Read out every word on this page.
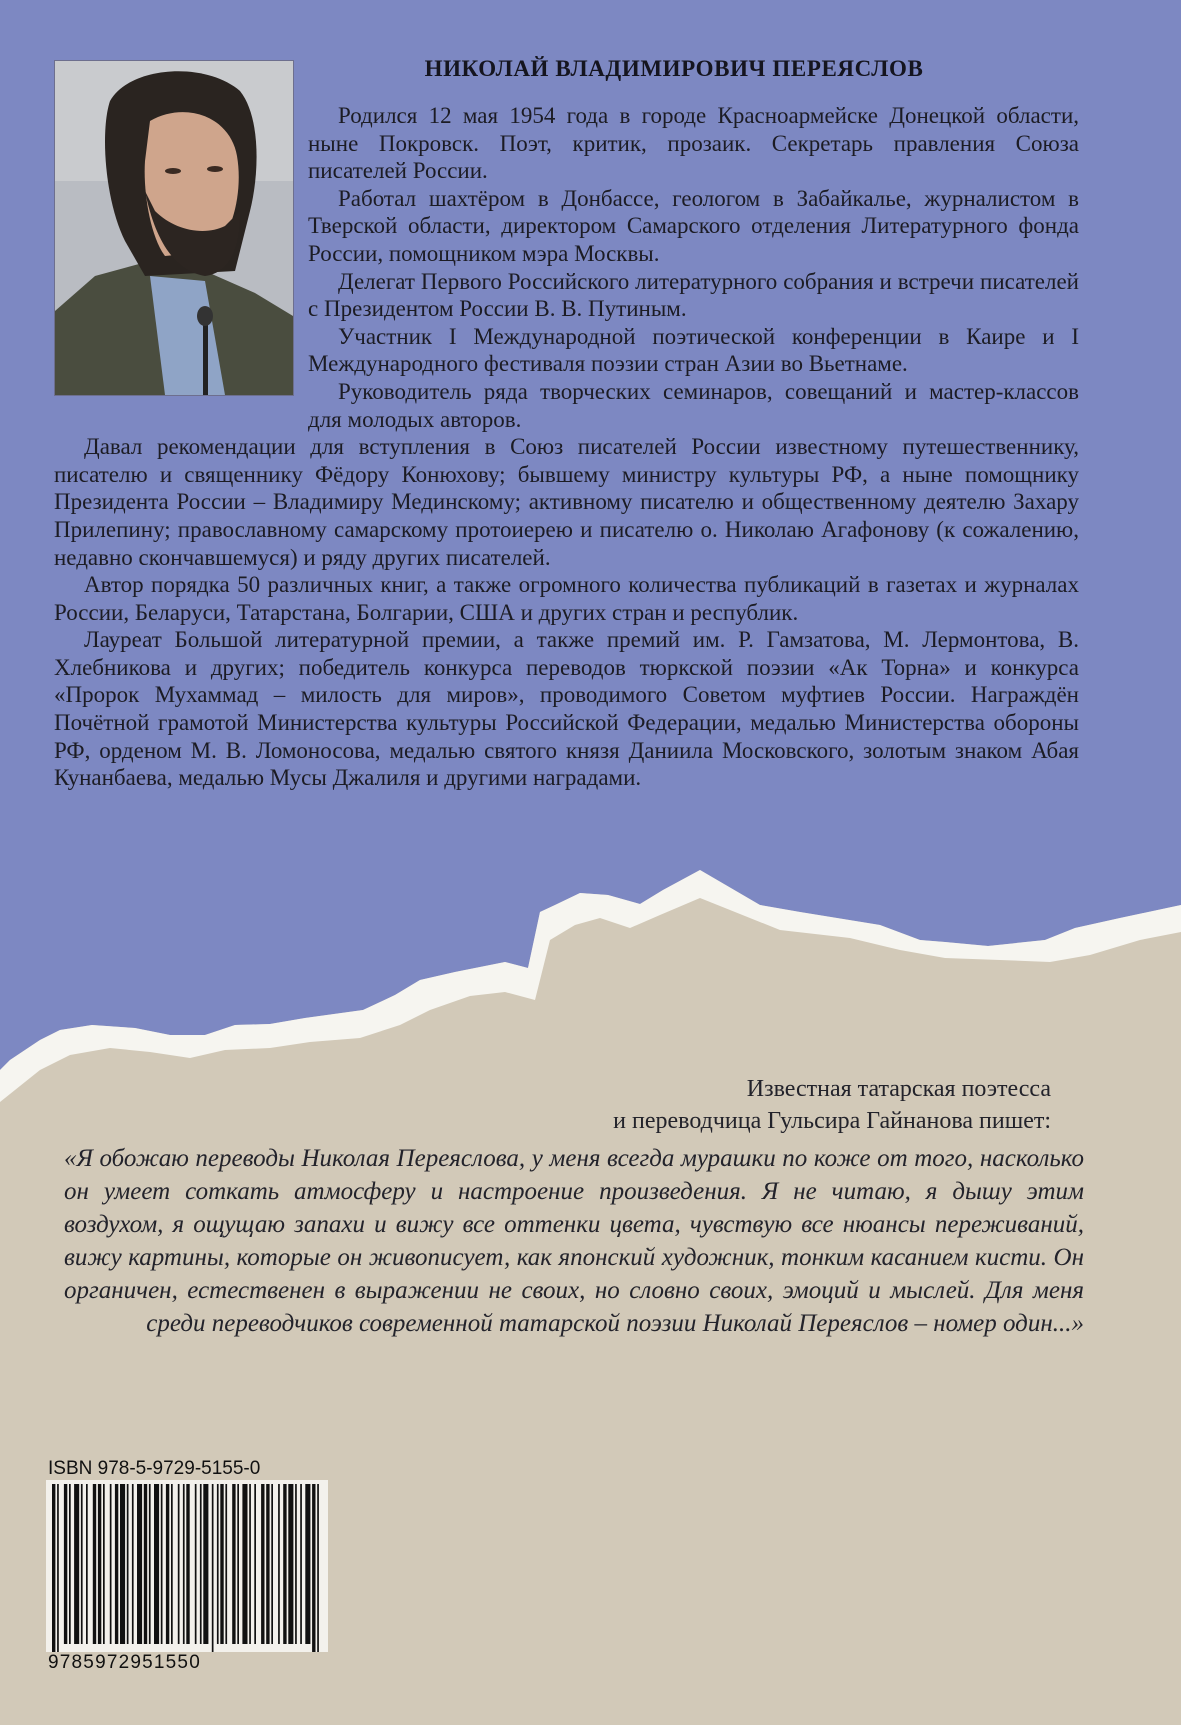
НИКОЛАЙ ВЛАДИМИРОВИЧ ПЕРЕЯСЛОВ

Родился 12 мая 1954 года в городе Красноармейске Донецкой области, ныне Покровск. Поэт, критик, прозаик. Секретарь правления Союза писателей России.

Работал шахтёром в Донбассе, геологом в Забайкалье, журналистом в Тверской области, директором Самарского отделения Литературного фонда России, помощником мэра Москвы.

Делегат Первого Российского литературного собрания и встречи писателей с Президентом России В. В. Путиным.

Участник I Международной поэтической конференции в Каире и I Международного фестиваля поэзии стран Азии во Вьетнаме.

Руководитель ряда творческих семинаров, совещаний и мастер-классов для молодых авторов.

Давал рекомендации для вступления в Союз писателей России известному путешественнику, писателю и священнику Фёдору Конюхову; бывшему министру культуры РФ, а ныне помощнику Президента России – Владимиру Мединскому; активному писателю и общественному деятелю Захару Прилепину; православному самарскому протоиерею и писателю о. Николаю Агафонову (к сожалению, недавно скончавшемуся) и ряду других писателей.

Автор порядка 50 различных книг, а также огромного количества публикаций в газетах и журналах России, Беларуси, Татарстана, Болгарии, США и других стран и республик.

Лауреат Большой литературной премии, а также премий им. Р. Гамзатова, М. Лермонтова, В. Хлебникова и других; победитель конкурса переводов тюркской поэзии «Ак Торна» и конкурса «Пророк Мухаммад – милость для миров», проводимого Советом муфтиев России. Награждён Почётной грамотой Министерства культуры Российской Федерации, медалью Министерства обороны РФ, орденом М. В. Ломоносова, медалью святого князя Даниила Московского, золотым знаком Абая Кунанбаева, медалью Мусы Джалиля и другими наградами.

Известная татарская поэтесса
и переводчица Гульсира Гайнанова пишет:
«Я обожаю переводы Николая Переяслова, у меня всегда мурашки по коже от того, насколько он умеет соткать атмосферу и настроение произведения. Я не читаю, я дышу этим воздухом, я ощущаю запахи и вижу все оттенки цвета, чувствую все нюансы переживаний, вижу картины, которые он живописует, как японский художник, тонким касанием кисти. Он органичен, естественен в выражении не своих, но словно своих, эмоций и мыслей. Для меня среди переводчиков современной татарской поэзии Николай Переяслов – номер один...»
ISBN 978-5-9729-5155-0
9785972951550
